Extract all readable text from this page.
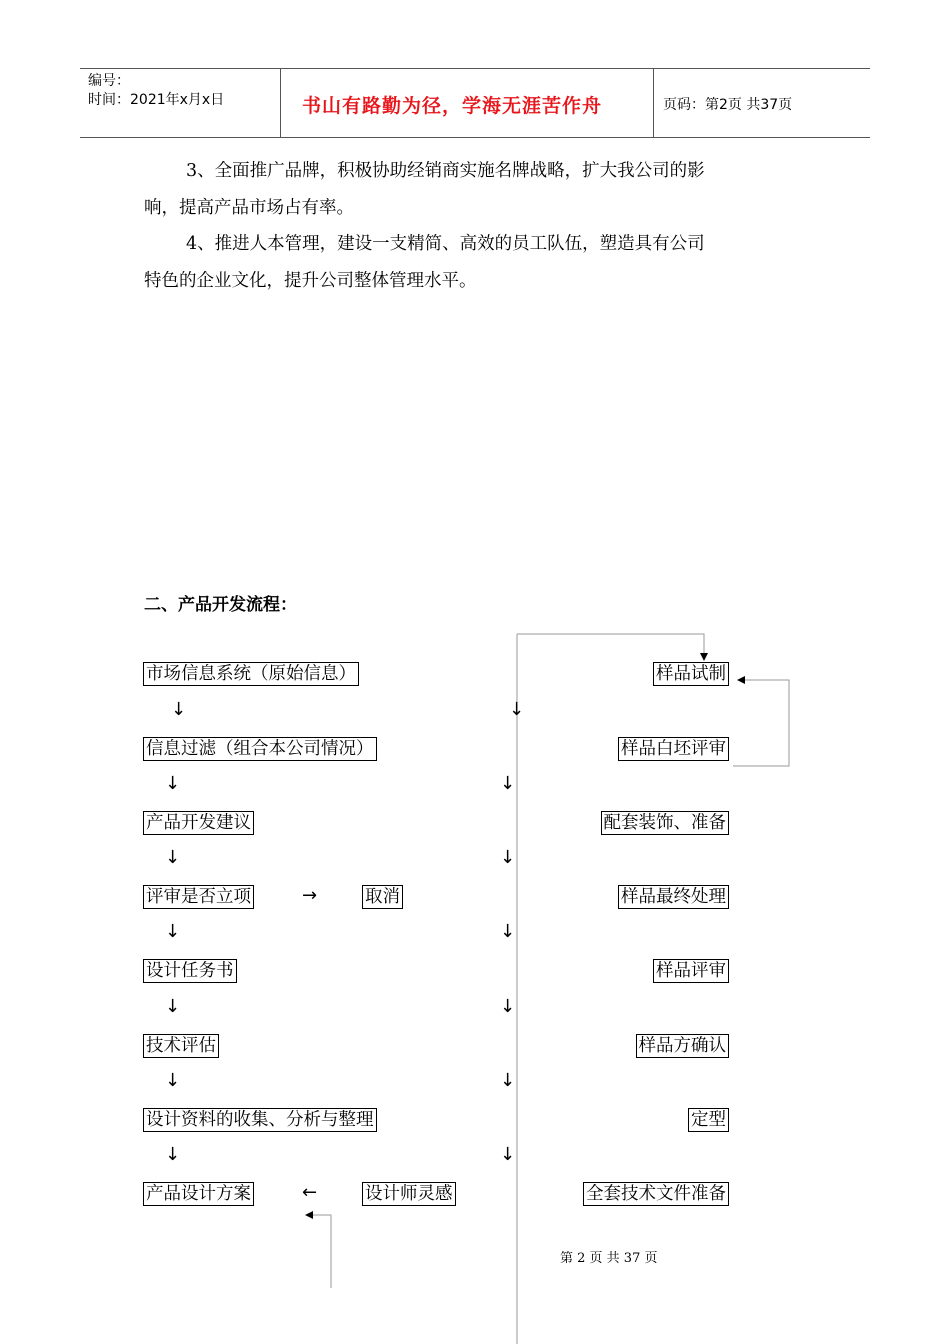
编号：
时间：2021年x月x日	书山有路勤为径，学海无涯苦作舟	页码：第2页 共37页

3、全面推广品牌，积极协助经销商实施名牌战略，扩大我公司的影
响，提高产品市场占有率。

4、推进人本管理，建设一支精简、高效的员工队伍，塑造具有公司
特色的企业文化，提升公司整体管理水平。

二、产品开发流程：
市场信息系统（原始信息）
信息过滤（组合本公司情况）
产品开发建议
评审是否立项
设计任务书
技术评估
设计资料的收集、分析与整理
产品设计方案
取消
设计师灵感
样品试制
样品白坯评审
配套装饰、准备
样品最终处理
样品评审
样品方确认
定型
全套技术文件准备
↓
↓
↓
↓
↓
↓
↓
↓
↓
↓
↓
↓
↓
↓
→
←
第 2 页 共 37 页
